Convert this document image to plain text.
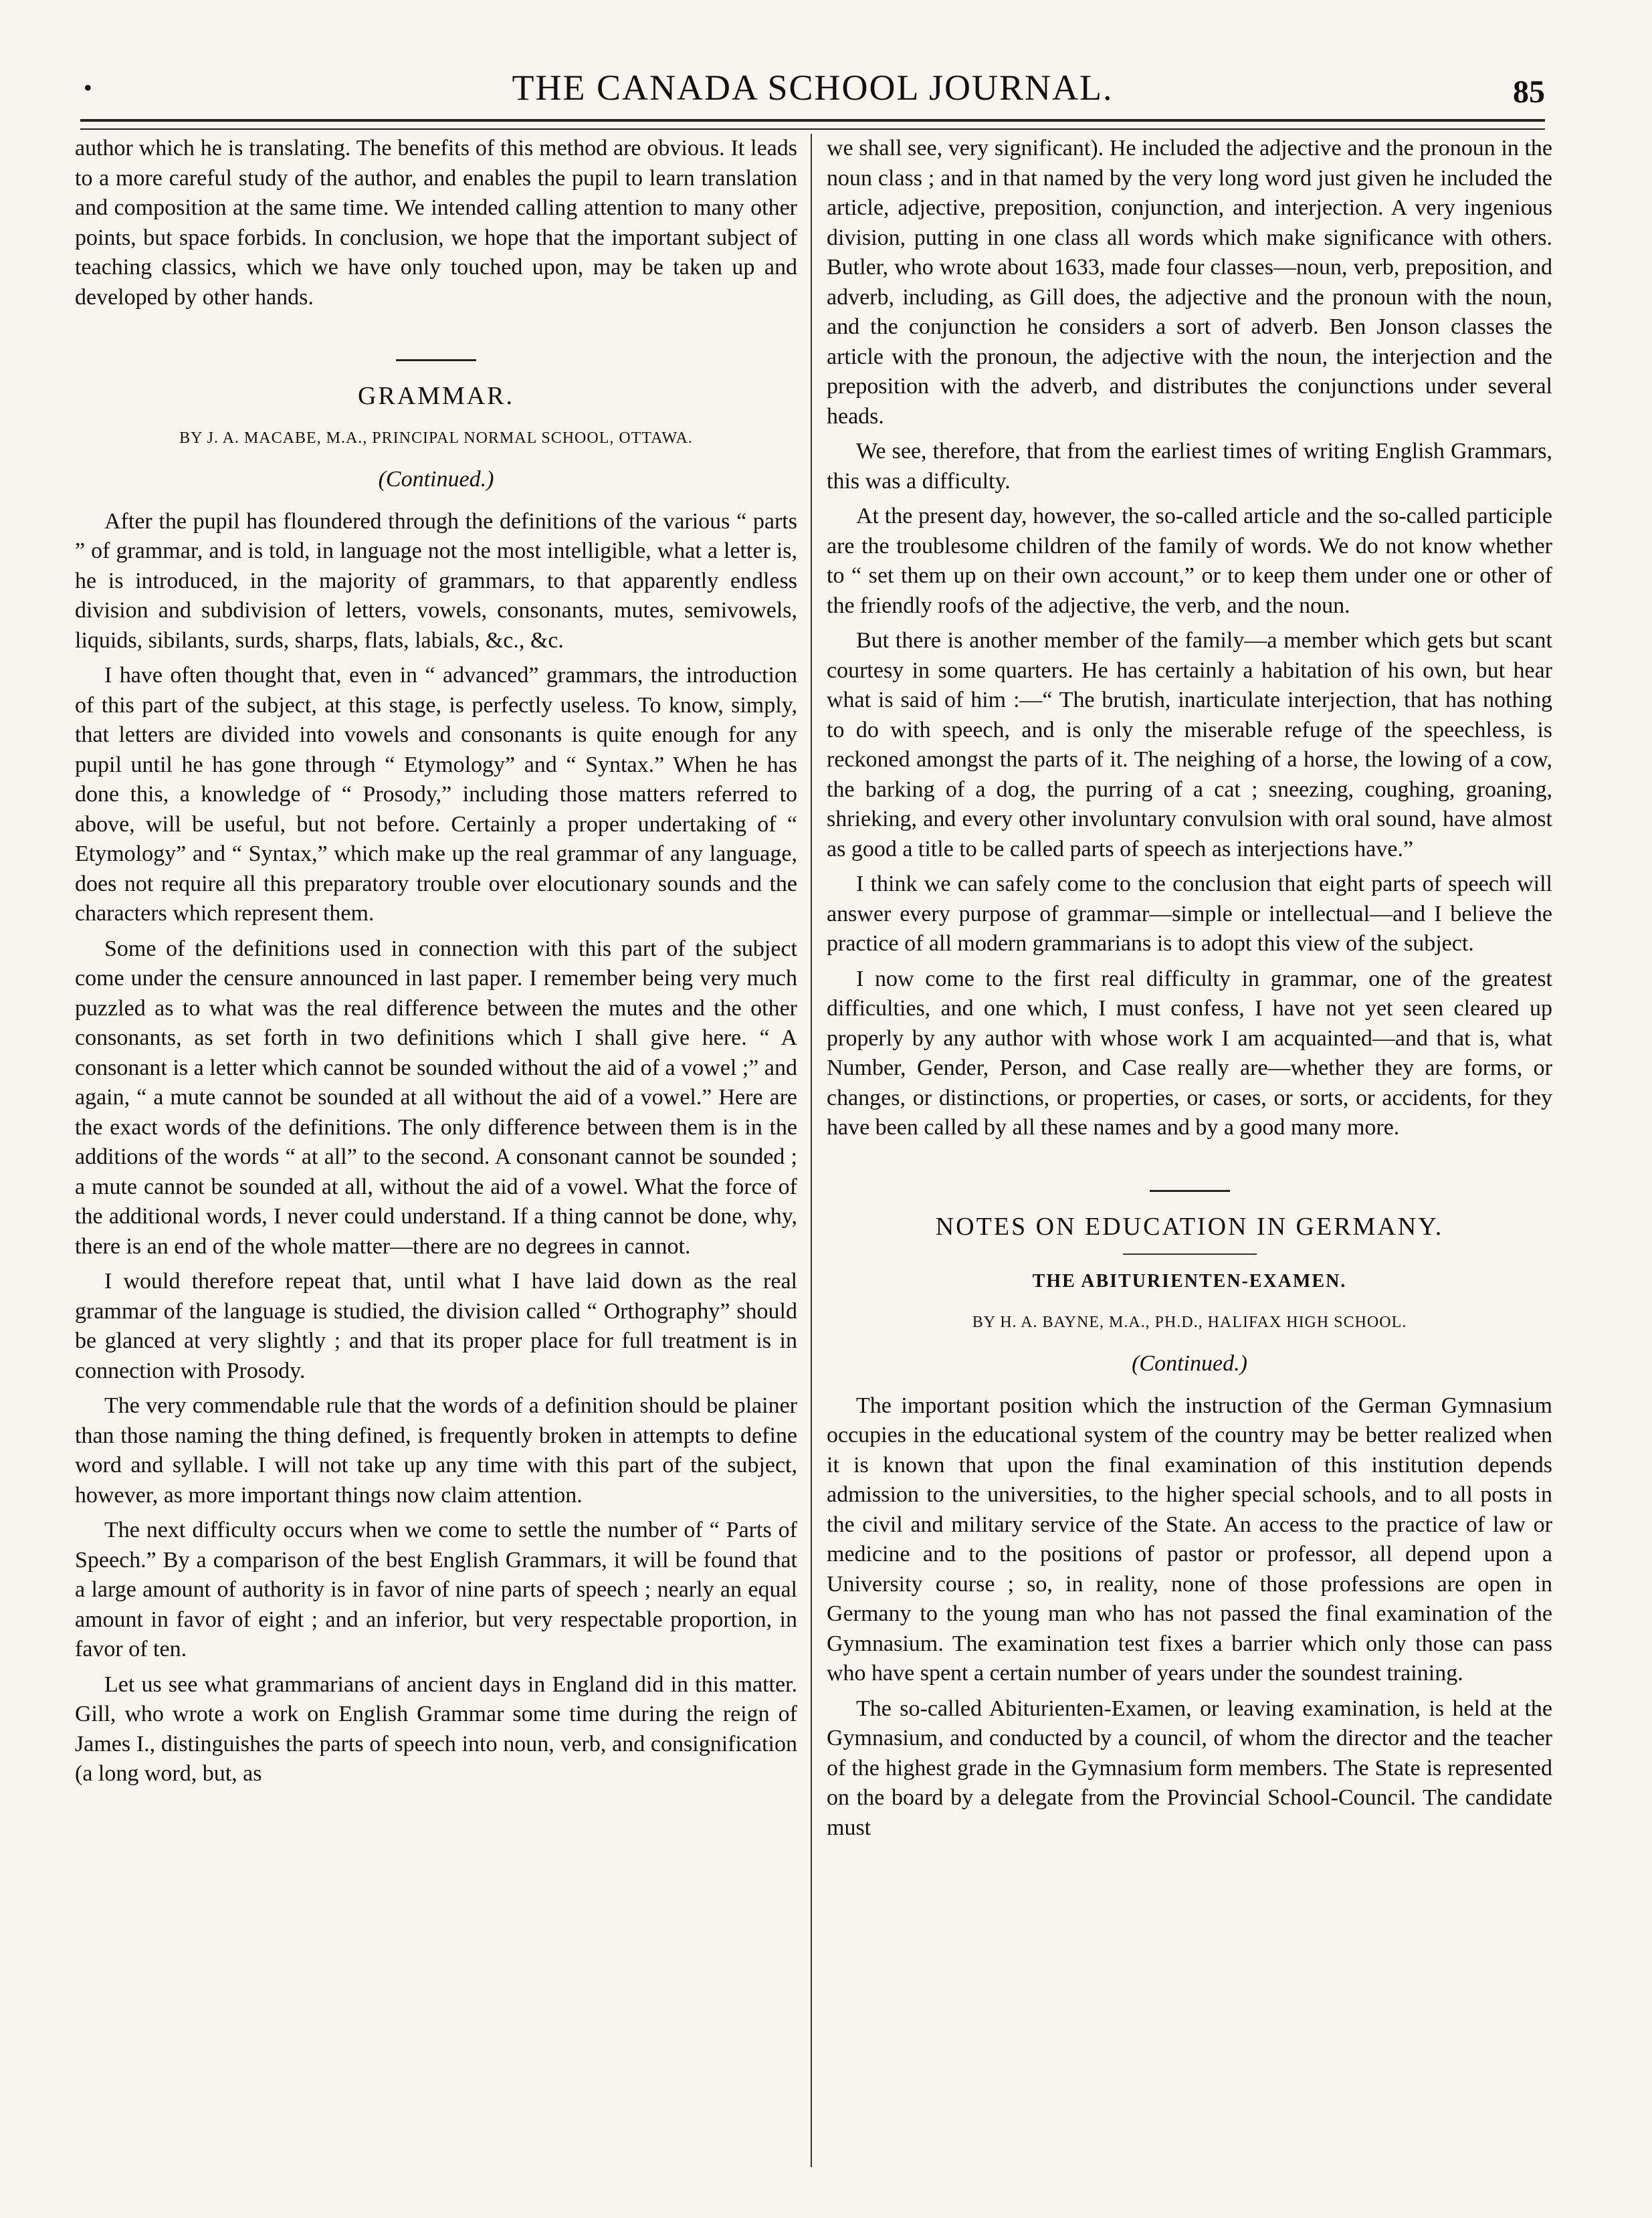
•	THE CANADA SCHOOL JOURNAL.	85

author which he is translating. The benefits of this method are obvious. It leads to a more careful study of the author, and enables the pupil to learn translation and composition at the same time. We intended calling attention to many other points, but space forbids. In conclusion, we hope that the important subject of teaching classics, which we have only touched upon, may be taken up and developed by other hands.

GRAMMAR.
BY J. A. MACABE, M.A., PRINCIPAL NORMAL SCHOOL, OTTAWA.
(Continued.)

After the pupil has floundered through the definitions of the various “ parts ” of grammar, and is told, in language not the most intelligible, what a letter is, he is introduced, in the majority of grammars, to that apparently endless division and subdivision of letters, vowels, consonants, mutes, semivowels, liquids, sibilants, surds, sharps, flats, labials, &c., &c.

I have often thought that, even in “ advanced” grammars, the introduction of this part of the subject, at this stage, is perfectly useless. To know, simply, that letters are divided into vowels and consonants is quite enough for any pupil until he has gone through “ Etymology” and “ Syntax.” When he has done this, a knowledge of “ Prosody,” including those matters referred to above, will be useful, but not before. Certainly a proper undertaking of “ Etymology” and “ Syntax,” which make up the real grammar of any language, does not require all this preparatory trouble over elocutionary sounds and the characters which represent them.

Some of the definitions used in connection with this part of the subject come under the censure announced in last paper. I remember being very much puzzled as to what was the real difference between the mutes and the other consonants, as set forth in two definitions which I shall give here. “ A consonant is a letter which cannot be sounded without the aid of a vowel ;” and again, “ a mute cannot be sounded at all without the aid of a vowel.” Here are the exact words of the definitions. The only difference between them is in the additions of the words “ at all” to the second. A consonant cannot be sounded ; a mute cannot be sounded at all, without the aid of a vowel. What the force of the additional words, I never could understand. If a thing cannot be done, why, there is an end of the whole matter—there are no degrees in cannot.

I would therefore repeat that, until what I have laid down as the real grammar of the language is studied, the division called “ Orthography” should be glanced at very slightly ; and that its proper place for full treatment is in connection with Prosody.

The very commendable rule that the words of a definition should be plainer than those naming the thing defined, is frequently broken in attempts to define word and syllable. I will not take up any time with this part of the subject, however, as more important things now claim attention.

The next difficulty occurs when we come to settle the number of “ Parts of Speech.” By a comparison of the best English Grammars, it will be found that a large amount of authority is in favor of nine parts of speech ; nearly an equal amount in favor of eight ; and an inferior, but very respectable proportion, in favor of ten.

Let us see what grammarians of ancient days in England did in this matter. Gill, who wrote a work on English Grammar some time during the reign of James I., distinguishes the parts of speech into noun, verb, and consignification (a long word, but, as

we shall see, very significant). He included the adjective and the pronoun in the noun class ; and in that named by the very long word just given he included the article, adjective, preposition, conjunction, and interjection. A very ingenious division, putting in one class all words which make significance with others. Butler, who wrote about 1633, made four classes—noun, verb, preposition, and adverb, including, as Gill does, the adjective and the pronoun with the noun, and the conjunction he considers a sort of adverb. Ben Jonson classes the article with the pronoun, the adjective with the noun, the interjection and the preposition with the adverb, and distributes the conjunctions under several heads.

We see, therefore, that from the earliest times of writing English Grammars, this was a difficulty.

At the present day, however, the so-called article and the so-called participle are the troublesome children of the family of words. We do not know whether to “ set them up on their own account,” or to keep them under one or other of the friendly roofs of the adjective, the verb, and the noun.

But there is another member of the family—a member which gets but scant courtesy in some quarters. He has certainly a habitation of his own, but hear what is said of him :—“ The brutish, inarticulate interjection, that has nothing to do with speech, and is only the miserable refuge of the speechless, is reckoned amongst the parts of it. The neighing of a horse, the lowing of a cow, the barking of a dog, the purring of a cat ; sneezing, coughing, groaning, shrieking, and every other involuntary convulsion with oral sound, have almost as good a title to be called parts of speech as interjections have.”

I think we can safely come to the conclusion that eight parts of speech will answer every purpose of grammar—simple or intellectual—and I believe the practice of all modern grammarians is to adopt this view of the subject.

I now come to the first real difficulty in grammar, one of the greatest difficulties, and one which, I must confess, I have not yet seen cleared up properly by any author with whose work I am acquainted—and that is, what Number, Gender, Person, and Case really are—whether they are forms, or changes, or distinctions, or properties, or cases, or sorts, or accidents, for they have been called by all these names and by a good many more.

NOTES ON EDUCATION IN GERMANY.
THE ABITURIENTEN-EXAMEN.
BY H. A. BAYNE, M.A., PH.D., HALIFAX HIGH SCHOOL.
(Continued.)

The important position which the instruction of the German Gymnasium occupies in the educational system of the country may be better realized when it is known that upon the final examination of this institution depends admission to the universities, to the higher special schools, and to all posts in the civil and military service of the State. An access to the practice of law or medicine and to the positions of pastor or professor, all depend upon a University course ; so, in reality, none of those professions are open in Germany to the young man who has not passed the final examination of the Gymnasium. The examination test fixes a barrier which only those can pass who have spent a certain number of years under the soundest training.

The so-called Abiturienten-Examen, or leaving examination, is held at the Gymnasium, and conducted by a council, of whom the director and the teacher of the highest grade in the Gymnasium form members. The State is represented on the board by a delegate from the Provincial School-Council. The candidate must
